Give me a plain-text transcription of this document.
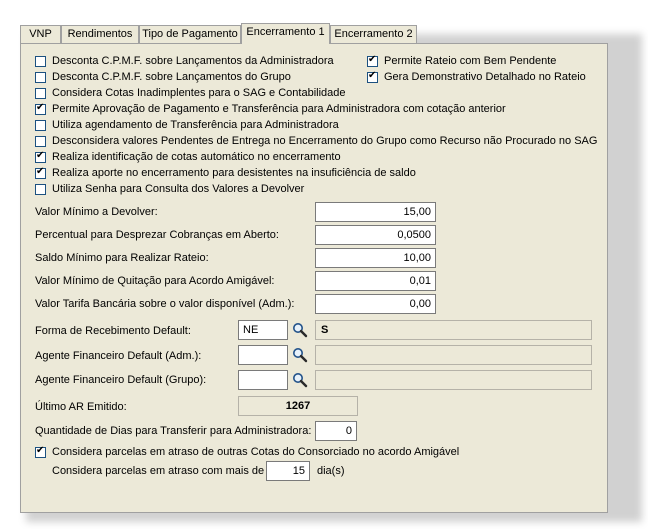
VNP	Rendimentos Tipo de Pagamento Encerramento 1 Encerramento 2
Desconta C.P.M.F. sobre Lançamentos da Administradora
Desconta C.P.M.F. sobre Lançamentos do Grupo
Considera Cotas Inadimplentes para o SAG e Contabilidade
✔
Permite Aprovação de Pagamento e Transferência para Administradora com cotação anterior
Utiliza agendamento de Transferência para Administradora
Desconsidera valores Pendentes de Entrega no Encerramento do Grupo como Recurso não Procurado no SAG
✔
Realiza identificação de cotas automático no encerramento
✔
Realiza aporte no encerramento para desistentes na insuficiência de saldo
Utiliza Senha para Consulta dos Valores a Devolver
✔
Permite Rateio com Bem Pendente
✔
Gera Demonstrativo Detalhado no Rateio
Valor Mínimo a Devolver:	15,00
Percentual para Desprezar Cobranças em Aberto:	0,0500
Saldo Mínimo para Realizar Rateio:	10,00
Valor Mínimo de Quitação para Acordo Amigável:	0,01
Valor Tarifa Bancária sobre o valor disponível (Adm.):	0,00
Forma de Recebimento Default:	NE	S
Agente Financeiro Default (Adm.):
Agente Financeiro Default (Grupo):
Último AR Emitido:	1267
Quantidade de Dias para Transferir para Administradora:	0
✔
Considera parcelas em atraso de outras Cotas do Consorciado no acordo Amigável
Considera parcelas em atraso com mais de	15	dia(s)
